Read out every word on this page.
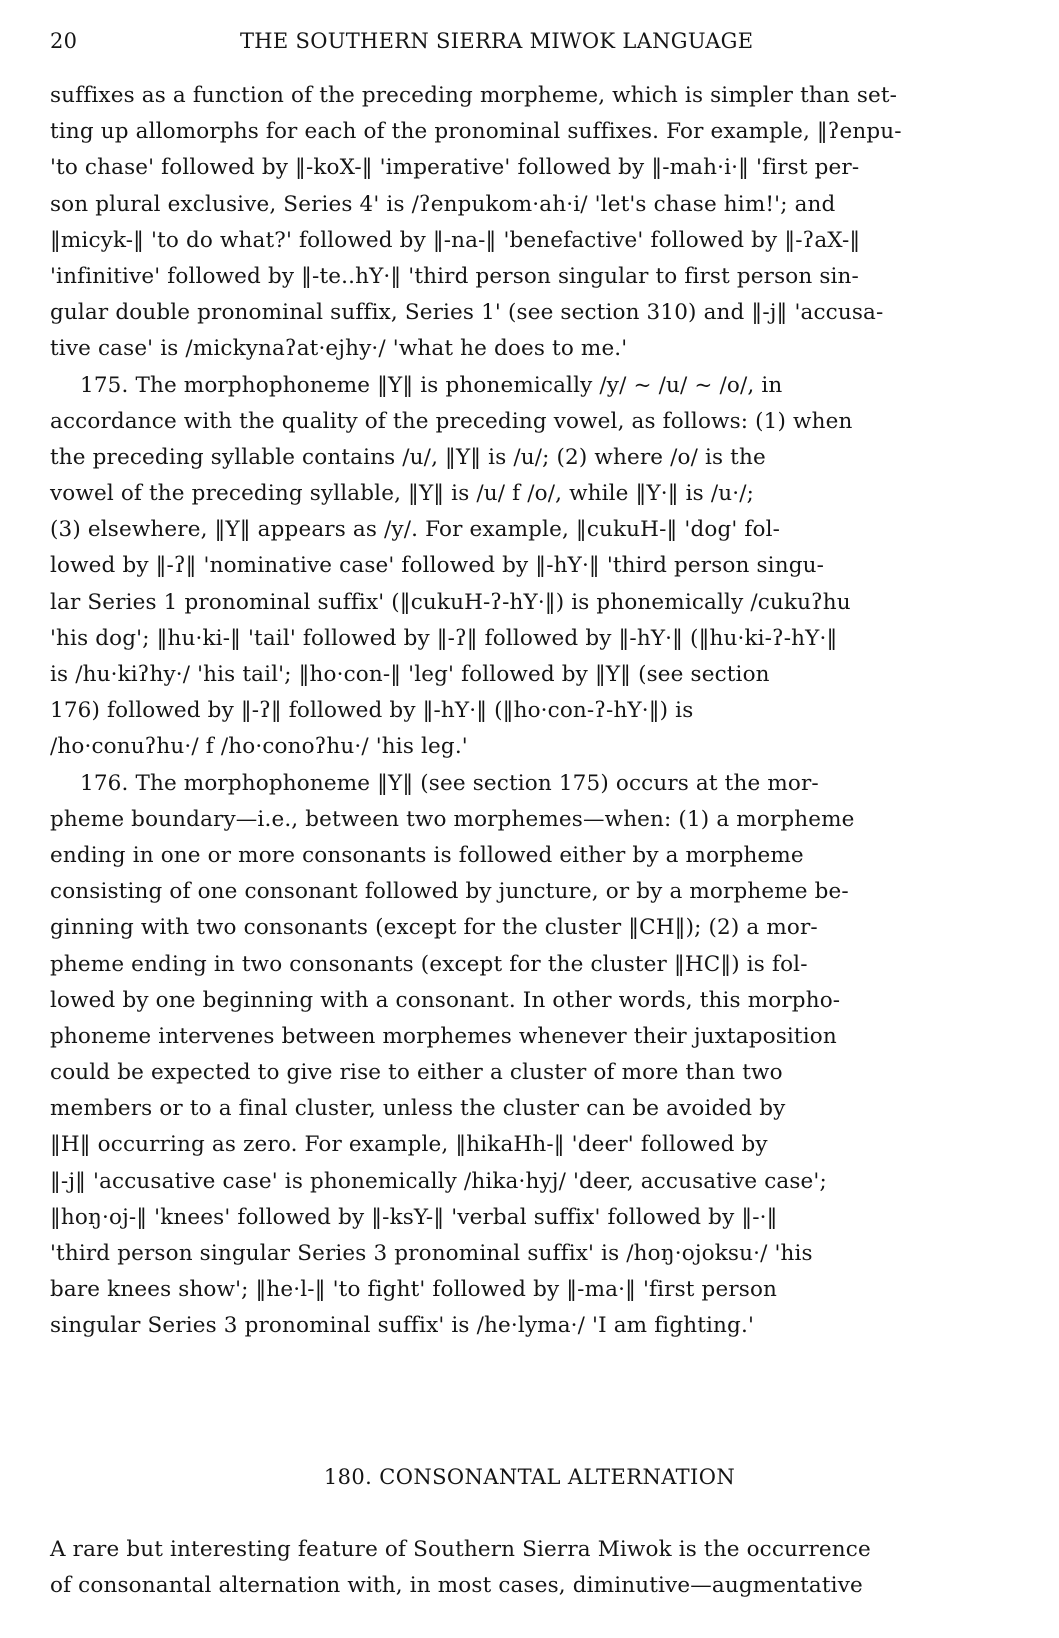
20	THE SOUTHERN SIERRA MIWOK LANGUAGE
suffixes as a function of the preceding morpheme, which is simpler than set-
ting up allomorphs for each of the pronominal suffixes. For example, ‖ʔenpu-
'to chase' followed by ‖-koX-‖ 'imperative' followed by ‖-mah·i·‖ 'first per-
son plural exclusive, Series 4' is /ʔenpukom·ah·i/ 'let's chase him!'; and
‖micyk-‖ 'to do what?' followed by ‖-na-‖ 'benefactive' followed by ‖-ʔaX-‖
'infinitive' followed by ‖-te..hY·‖ 'third person singular to first person sin-
gular double pronominal suffix, Series 1' (see section 310) and ‖-j‖ 'accusa-
tive case' is /mickynaʔat·ejhy·/ 'what he does to me.'
175. The morphophoneme ‖Y‖ is phonemically /y/ ~ /u/ ~ /o/, in
accordance with the quality of the preceding vowel, as follows: (1) when
the preceding syllable contains /u/, ‖Y‖ is /u/; (2) where /o/ is the
vowel of the preceding syllable, ‖Y‖ is /u/ f /o/, while ‖Y·‖ is /u·/;
(3) elsewhere, ‖Y‖ appears as /y/. For example, ‖cukuH-‖ 'dog' fol-
lowed by ‖-ʔ‖ 'nominative case' followed by ‖-hY·‖ 'third person singu-
lar Series 1 pronominal suffix' (‖cukuH-ʔ-hY·‖) is phonemically /cukuʔhu
'his dog'; ‖hu·ki-‖ 'tail' followed by ‖-ʔ‖ followed by ‖-hY·‖ (‖hu·ki-ʔ-hY·‖
is /hu·kiʔhy·/ 'his tail'; ‖ho·con-‖ 'leg' followed by ‖Y‖ (see section
176) followed by ‖-ʔ‖ followed by ‖-hY·‖ (‖ho·con-ʔ-hY·‖) is
/ho·conuʔhu·/ f /ho·conoʔhu·/ 'his leg.'
176. The morphophoneme ‖Y‖ (see section 175) occurs at the mor-
pheme boundary—i.e., between two morphemes—when: (1) a morpheme
ending in one or more consonants is followed either by a morpheme
consisting of one consonant followed by juncture, or by a morpheme be-
ginning with two consonants (except for the cluster ‖CH‖); (2) a mor-
pheme ending in two consonants (except for the cluster ‖HC‖) is fol-
lowed by one beginning with a consonant. In other words, this morpho-
phoneme intervenes between morphemes whenever their juxtaposition
could be expected to give rise to either a cluster of more than two
members or to a final cluster, unless the cluster can be avoided by
‖H‖ occurring as zero. For example, ‖hikaHh-‖ 'deer' followed by
‖-j‖ 'accusative case' is phonemically /hika·hyj/ 'deer, accusative case';
‖hoŋ·oj-‖ 'knees' followed by ‖-ksY-‖ 'verbal suffix' followed by ‖-·‖
'third person singular Series 3 pronominal suffix' is /hoŋ·ojoksu·/ 'his
bare knees show'; ‖he·l-‖ 'to fight' followed by ‖-ma·‖ 'first person
singular Series 3 pronominal suffix' is /he·lyma·/ 'I am fighting.'
180. CONSONANTAL ALTERNATION
A rare but interesting feature of Southern Sierra Miwok is the occurrence
of consonantal alternation with, in most cases, diminutive—augmentative
